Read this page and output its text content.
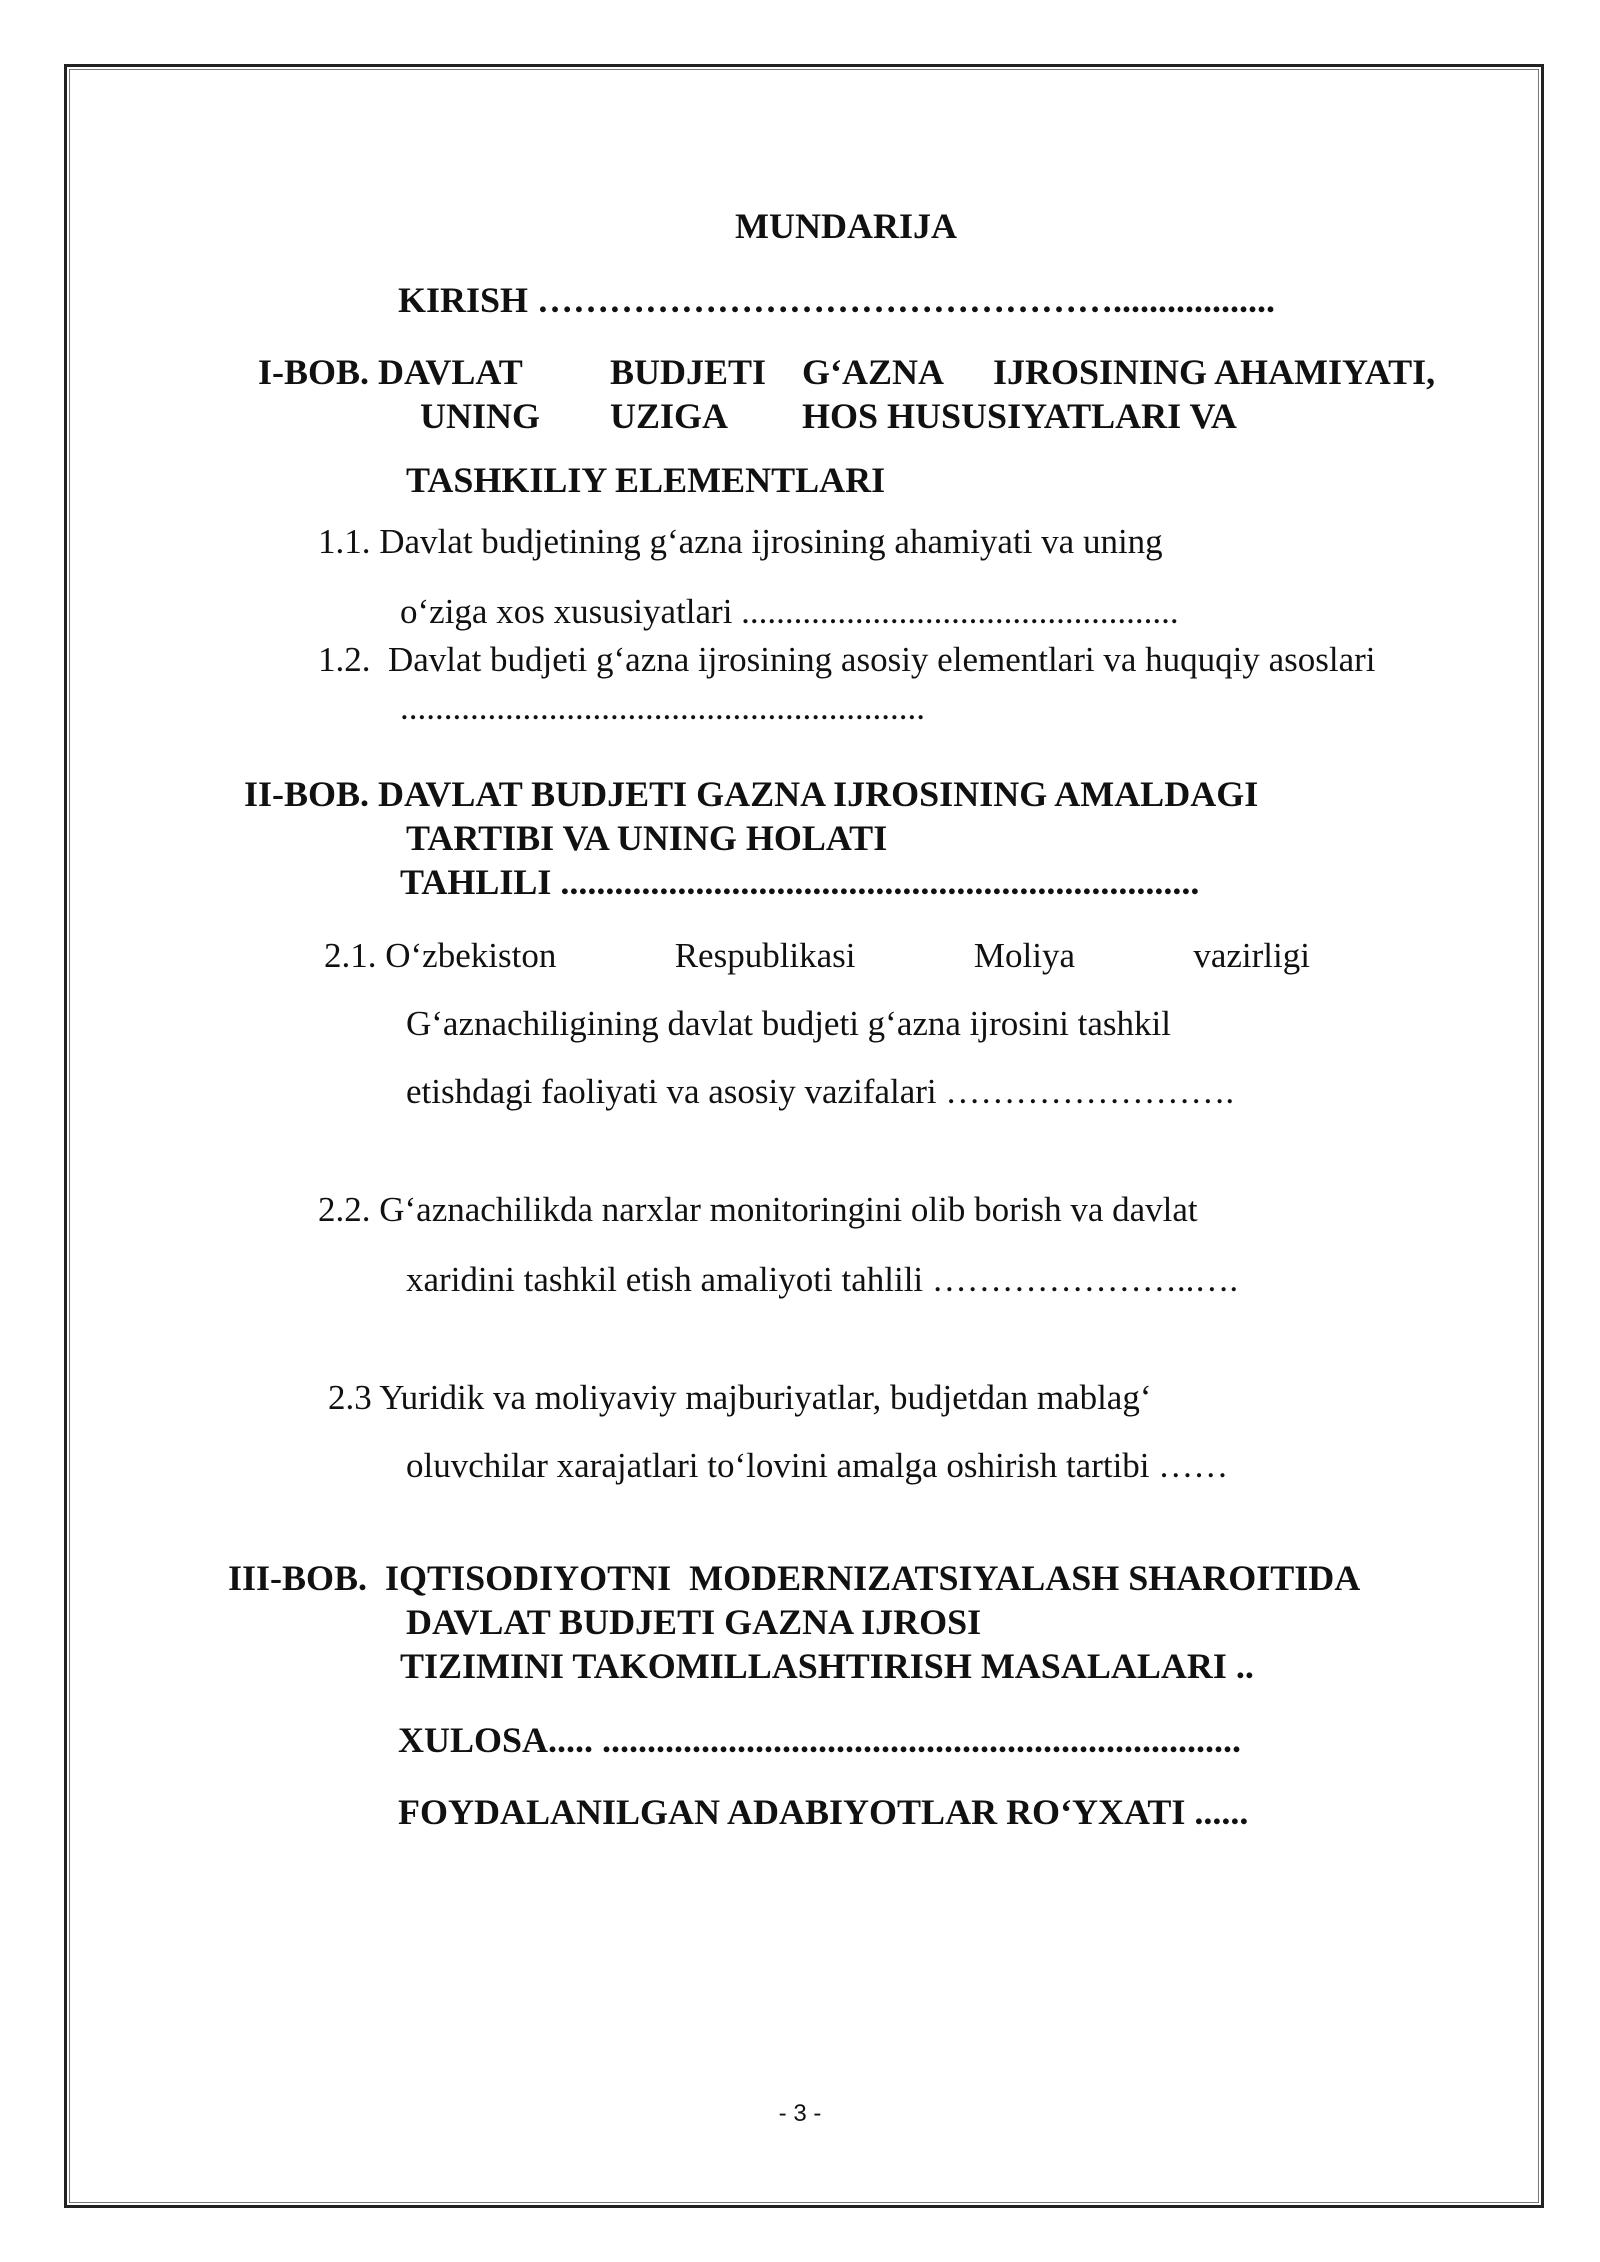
MUNDARIJA
KIRISH …………………………………………..................
I-BOB. DAVLAT BUDJETI G‘AZNA IJROSINING AHAMIYATI,
UNING UZIGA HOS HUSUSIYATLARI VA
TASHKILIY ELEMENTLARI
1.1. Davlat budjetining g‘azna ijrosining ahamiyati va uning
o‘ziga xos xususiyatlari ..................................................
1.2.  Davlat budjeti g‘azna ijrosining asosiy elementlari va huquqiy asoslari
............................................................
II-BOB. DAVLAT BUDJETI GAZNA IJROSINING AMALDAGI
TARTIBI VA UNING HOLATI
TAHLILI .......................................................................
2.1. O‘zbekiston	Respublikasi	Moliya	vazirligi
G‘aznachiligining davlat budjeti g‘azna ijrosini tashkil
etishdagi faoliyati va asosiy vazifalari …………………….
2.2. G‘aznachilikda narxlar monitoringini olib borish va davlat
xaridini tashkil etish amaliyoti tahlili …………………..….
2.3 Yuridik va moliyaviy majburiyatlar, budjetdan mablag‘
oluvchilar xarajatlari to‘lovini amalga oshirish tartibi ……
III-BOB.  IQTISODIYOTNI  MODERNIZATSIYALASH SHAROITIDA
DAVLAT BUDJETI GAZNA IJROSI
TIZIMINI TAKOMILLASHTIRISH MASALALARI ..
XULOSA..... .......................................................................
FOYDALANILGAN ADABIYOTLAR RO‘YXATI ......
- 3 -
